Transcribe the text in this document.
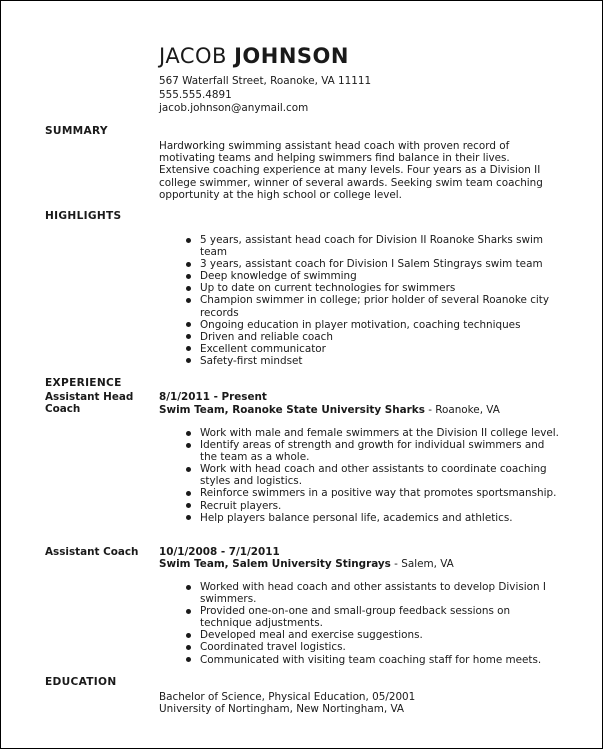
JACOB JOHNSON
567 Waterfall Street, Roanoke, VA 11111
555.555.4891
jacob.johnson@anymail.com
SUMMARY
Hardworking swimming assistant head coach with proven record of
motivating teams and helping swimmers find balance in their lives.
Extensive coaching experience at many levels. Four years as a Division II
college swimmer, winner of several awards. Seeking swim team coaching
opportunity at the high school or college level.
HIGHLIGHTS
5 years, assistant head coach for Division II Roanoke Sharks swim team
3 years, assistant coach for Division I Salem Stingrays swim team
Deep knowledge of swimming
Up to date on current technologies for swimmers
Champion swimmer in college; prior holder of several Roanoke city records
Ongoing education in player motivation, coaching techniques
Driven and reliable coach
Excellent communicator
Safety-first mindset
EXPERIENCE
Assistant Head Coach
8/1/2011 - Present
Swim Team, Roanoke State University Sharks - Roanoke, VA
Work with male and female swimmers at the Division II college level.
Identify areas of strength and growth for individual swimmers and the team as a whole.
Work with head coach and other assistants to coordinate coaching styles and logistics.
Reinforce swimmers in a positive way that promotes sportsmanship.
Recruit players.
Help players balance personal life, academics and athletics.
Assistant Coach	10/1/2008 - 7/1/2011
Swim Team, Salem University Stingrays - Salem, VA
Worked with head coach and other assistants to develop Division I swimmers.
Provided one-on-one and small-group feedback sessions on technique adjustments.
Developed meal and exercise suggestions.
Coordinated travel logistics.
Communicated with visiting team coaching staff for home meets.
EDUCATION
Bachelor of Science, Physical Education, 05/2001
University of Nortingham, New Nortingham, VA
